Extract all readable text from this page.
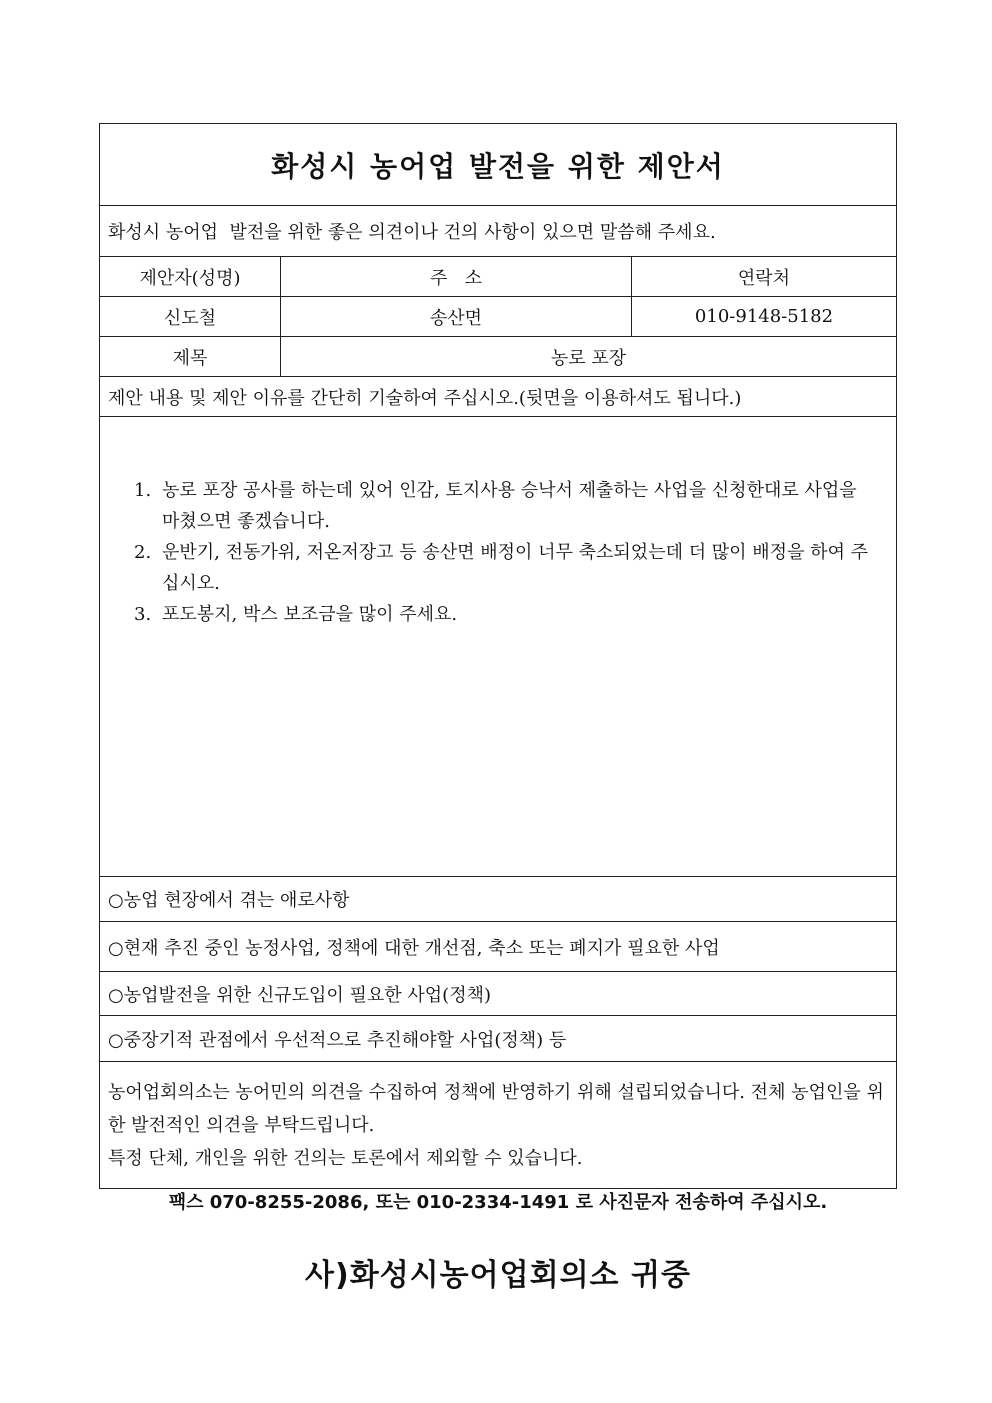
화성시 농어업 발전을 위한 제안서
화성시 농어업  발전을 위한 좋은 의견이나 건의 사항이 있으면 말씀해 주세요.
제안자(성명)	주   소	연락처
신도철	송산면	010-9148-5182
제목	농로 포장
제안 내용 및 제안 이유를 간단히 기술하여 주십시오.(뒷면을 이용하셔도 됩니다.)
1. 농로 포장 공사를 하는데 있어 인감, 토지사용 승낙서 제출하는 사업을 신청한대로 사업을 마쳤으면 좋겠습니다.
2. 운반기, 전동가위, 저온저장고 등 송산면 배정이 너무 축소되었는데 더 많이 배정을 하여 주십시오.
3. 포도봉지, 박스 보조금을 많이 주세요.
○농업 현장에서 겪는 애로사항
○현재 추진 중인 농정사업, 정책에 대한 개선점, 축소 또는 폐지가 필요한 사업
○농업발전을 위한 신규도입이 필요한 사업(정책)
○중장기적 관점에서 우선적으로 추진해야할 사업(정책) 등

농어업회의소는 농어민의 의견을 수집하여 정책에 반영하기 위해 설립되었습니다. 전체 농업인을 위한 발전적인 의견을 부탁드립니다.

특정 단체, 개인을 위한 건의는 토론에서 제외할 수 있습니다.

팩스 070-8255-2086, 또는 010-2334-1491 로 사진문자 전송하여 주십시오.
사)화성시농어업회의소 귀중
